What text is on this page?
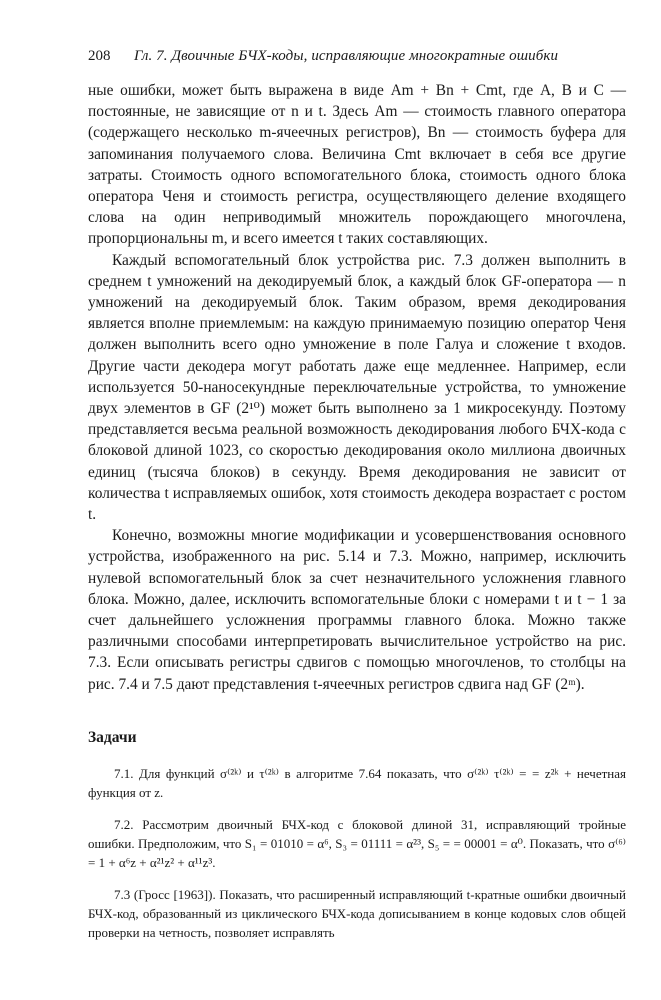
208	Гл. 7. Двоичные БЧХ-коды, исправляющие многократные ошибки

ные ошибки, может быть выражена в виде Am + Bn + Cmt, где A, B и C — постоянные, не зависящие от n и t. Здесь Am — стоимость главного оператора (содержащего несколько m-ячеечных регистров), Bn — стоимость буфера для запоминания получаемого слова. Величина Cmt включает в себя все другие затраты. Стоимость одного вспомогательного блока, стоимость одного блока оператора Ченя и стоимость регистра, осуществляющего деление входящего слова на один неприводимый множитель порождающего многочлена, пропорциональны m, и всего имеется t таких составляющих.

Каждый вспомогательный блок устройства рис. 7.3 должен выполнить в среднем t умножений на декодируемый блок, а каждый блок GF-оператора — n умножений на декодируемый блок. Таким образом, время декодирования является вполне приемлемым: на каждую принимаемую позицию оператор Ченя должен выполнить всего одно умножение в поле Галуа и сложение t входов. Другие части декодера могут работать даже еще медленнее. Например, если используется 50-наносекундные переключательные устройства, то умножение двух элементов в GF (2¹⁰) может быть выполнено за 1 микросекунду. Поэтому представляется весьма реальной возможность декодирования любого БЧХ-кода с блоковой длиной 1023, со скоростью декодирования около миллиона двоичных единиц (тысяча блоков) в секунду. Время декодирования не зависит от количества t исправляемых ошибок, хотя стоимость декодера возрастает с ростом t.

Конечно, возможны многие модификации и усовершенствования основного устройства, изображенного на рис. 5.14 и 7.3. Можно, например, исключить нулевой вспомогательный блок за счет незначительного усложнения главного блока. Можно, далее, исключить вспомогательные блоки с номерами t и t − 1 за счет дальнейшего усложнения программы главного блока. Можно также различными способами интерпретировать вычислительное устройство на рис. 7.3. Если описывать регистры сдвигов с помощью многочленов, то столбцы на рис. 7.4 и 7.5 дают представления t-ячеечных регистров сдвига над GF (2ᵐ).

Задачи

7.1. Для функций σ⁽²ᵏ⁾ и τ⁽²ᵏ⁾ в алгоритме 7.64 показать, что σ⁽²ᵏ⁾ τ⁽²ᵏ⁾ = = z²ᵏ + нечетная функция от z.

7.2. Рассмотрим двоичный БЧХ-код с блоковой длиной 31, исправляющий тройные ошибки. Предположим, что S₁ = 01010 = α⁶, S₃ = 01111 = α²³, S₅ = = 00001 = α⁰. Показать, что σ⁽⁶⁾ = 1 + α⁶z + α²¹z² + α¹¹z³.

7.3 (Гросс [1963]). Показать, что расширенный исправляющий t-кратные ошибки двоичный БЧХ-код, образованный из циклического БЧХ-кода дописыванием в конце кодовых слов общей проверки на четность, позволяет исправлять
